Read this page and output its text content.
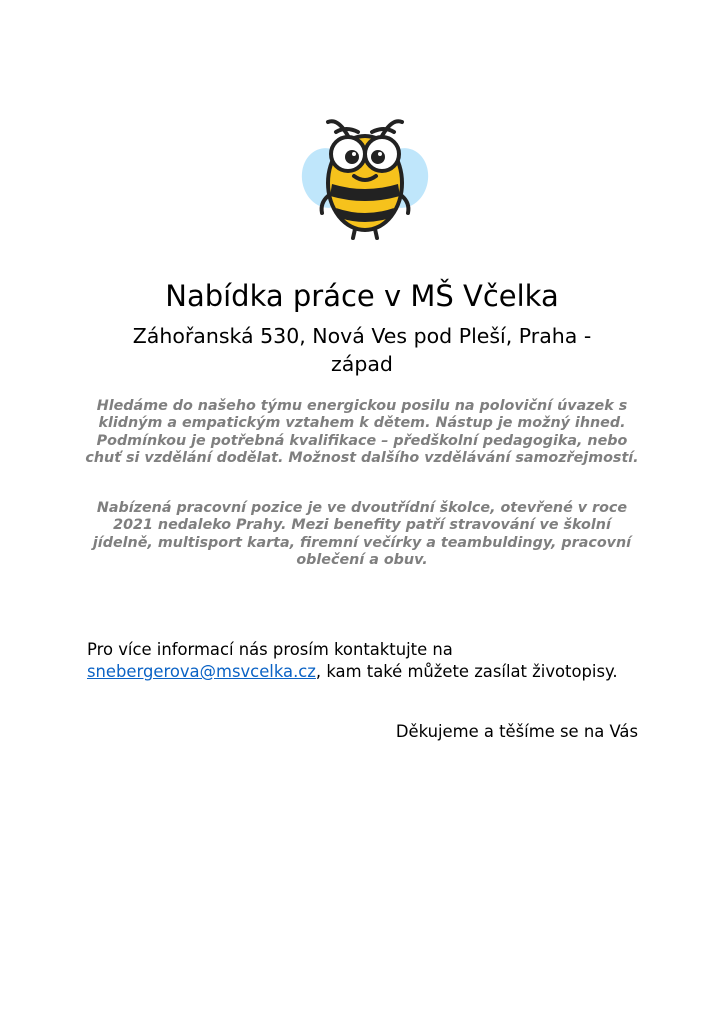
Nabídka práce v MŠ Včelka
Záhořanská 530, Nová Ves pod Pleší, Praha - západ
Hledáme do našeho týmu energickou posilu na poloviční úvazek s klidným a empatickým vztahem k dětem. Nástup je možný ihned. Podmínkou je potřebná kvalifikace – předškolní pedagogika, nebo chuť si vzdělání dodělat. Možnost dalšího vzdělávání samozřejmostí.
Nabízená pracovní pozice je ve dvoutřídní školce, otevřené v roce 2021 nedaleko Prahy. Mezi benefity patří stravování ve školní jídelně, multisport karta, firemní večírky a teambuldingy, pracovní oblečení a obuv.
Pro více informací nás prosím kontaktujte na
snebergerova@msvcelka.cz, kam také můžete zasílat životopisy.
Děkujeme a těšíme se na Vás
